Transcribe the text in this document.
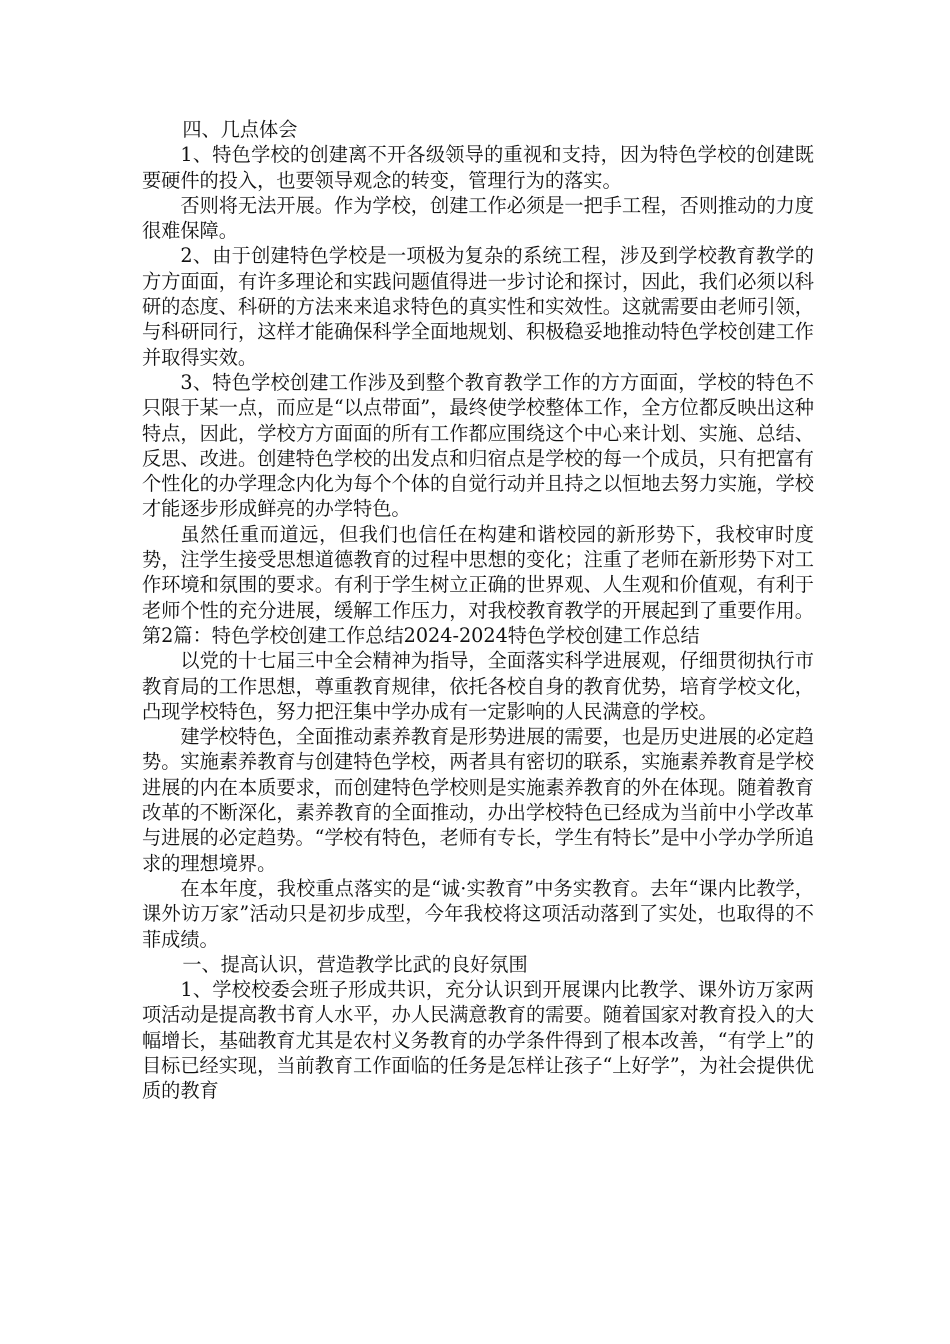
四、几点体会

1、特色学校的创建离不开各级领导的重视和支持，因为特色学校的创建既要硬件的投入，也要领导观念的转变，管理行为的落实。

否则将无法开展。作为学校，创建工作必须是一把手工程，否则推动的力度很难保障。

2、由于创建特色学校是一项极为复杂的系统工程，涉及到学校教育教学的方方面面，有许多理论和实践问题值得进一步讨论和探讨，因此，我们必须以科研的态度、科研的方法来来追求特色的真实性和实效性。这就需要由老师引领，与科研同行，这样才能确保科学全面地规划、积极稳妥地推动特色学校创建工作并取得实效。

3、特色学校创建工作涉及到整个教育教学工作的方方面面，学校的特色不只限于某一点，而应是“以点带面”，最终使学校整体工作，全方位都反映出这种特点，因此，学校方方面面的所有工作都应围绕这个中心来计划、实施、总结、反思、改进。创建特色学校的出发点和归宿点是学校的每一个成员，只有把富有个性化的办学理念内化为每个个体的自觉行动并且持之以恒地去努力实施，学校才能逐步形成鲜亮的办学特色。

虽然任重而道远，但我们也信任在构建和谐校园的新形势下，我校审时度势，注学生接受思想道德教育的过程中思想的变化；注重了老师在新形势下对工作环境和氛围的要求。有利于学生树立正确的世界观、人生观和价值观，有利于老师个性的充分进展，缓解工作压力，对我校教育教学的开展起到了重要作用。第2篇：特色学校创建工作总结2024-2024特色学校创建工作总结

以党的十七届三中全会精神为指导，全面落实科学进展观，仔细贯彻执行市教育局的工作思想，尊重教育规律，依托各校自身的教育优势，培育学校文化，凸现学校特色，努力把汪集中学办成有一定影响的人民满意的学校。

建学校特色，全面推动素养教育是形势进展的需要，也是历史进展的必定趋势。实施素养教育与创建特色学校，两者具有密切的联系，实施素养教育是学校进展的内在本质要求，而创建特色学校则是实施素养教育的外在体现。随着教育改革的不断深化，素养教育的全面推动，办出学校特色已经成为当前中小学改革与进展的必定趋势。“学校有特色，老师有专长，学生有特长”是中小学办学所追求的理想境界。

在本年度，我校重点落实的是“诚·实教育”中务实教育。去年“课内比教学，课外访万家”活动只是初步成型，今年我校将这项活动落到了实处，也取得的不菲成绩。

一、提高认识，营造教学比武的良好氛围

1、学校校委会班子形成共识，充分认识到开展课内比教学、课外访万家两项活动是提高教书育人水平，办人民满意教育的需要。随着国家对教育投入的大幅增长，基础教育尤其是农村义务教育的办学条件得到了根本改善，“有学上”的目标已经实现，当前教育工作面临的任务是怎样让孩子“上好学”，为社会提供优质的教育
